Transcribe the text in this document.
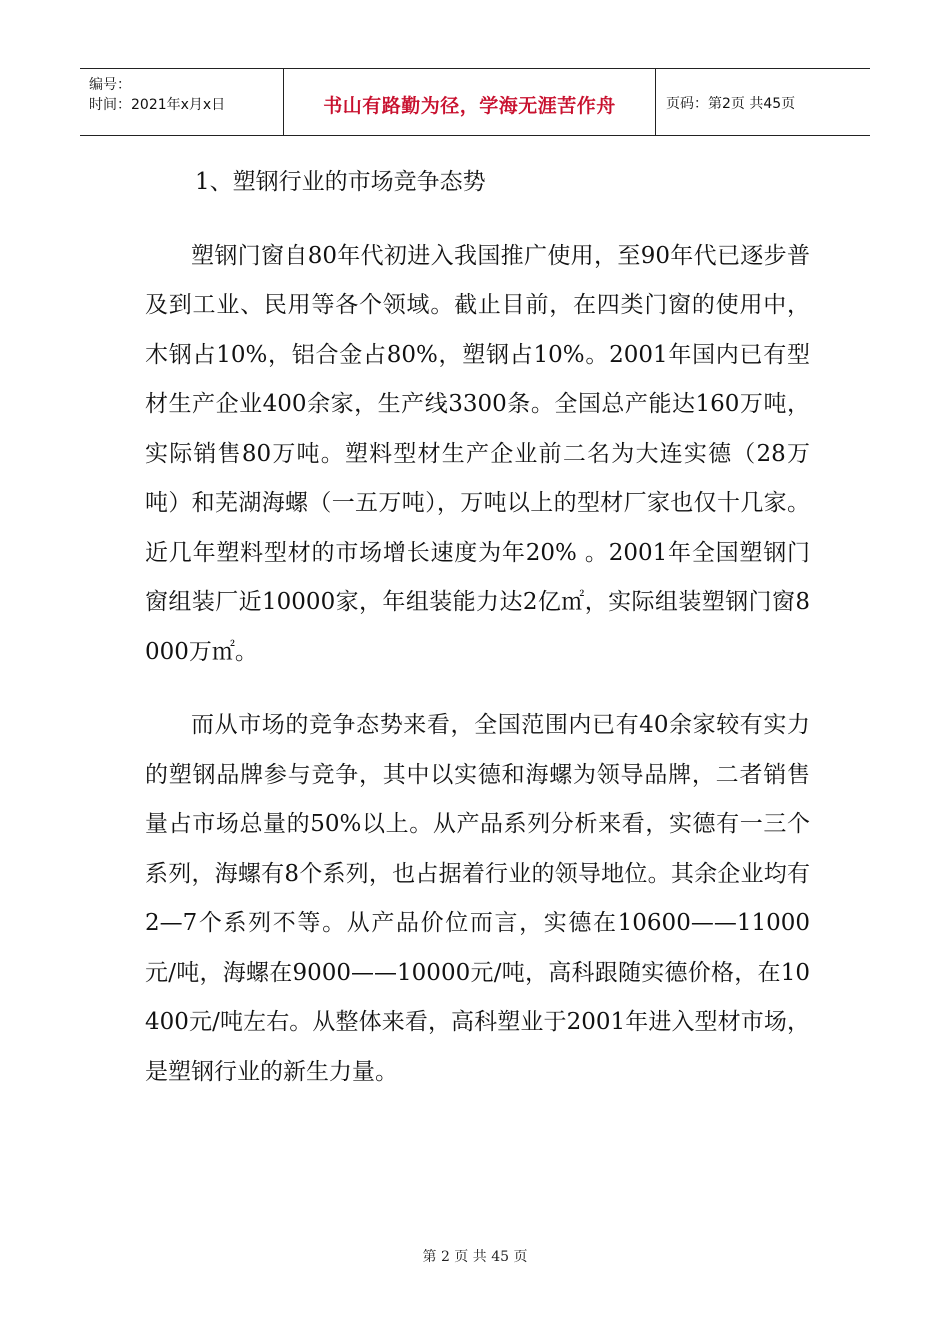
编号：
时间：2021年x月x日	书山有路勤为径，学海无涯苦作舟	页码：第2页 共45页

1、塑钢行业的市场竞争态势

塑钢门窗自80年代初进入我国推广使用，至90年代已逐步普及到工业、民用等各个领域。截止目前，在四类门窗的使用中，木钢占10%，铝合金占80%，塑钢占10%。2001年国内已有型材生产企业400余家，生产线3300条。全国总产能达160万吨，实际销售80万吨。塑料型材生产企业前二名为大连实德（28万吨）和芜湖海螺（一五万吨），万吨以上的型材厂家也仅十几家。近几年塑料型材的市场增长速度为年20% 。2001年全国塑钢门窗组装厂近10000家，年组装能力达2亿㎡，实际组装塑钢门窗8000万㎡。

而从市场的竞争态势来看，全国范围内已有40余家较有实力的塑钢品牌参与竞争，其中以实德和海螺为领导品牌，二者销售量占市场总量的50%以上。从产品系列分析来看，实德有一三个系列，海螺有8个系列，也占据着行业的领导地位。其余企业均有2—7个系列不等。从产品价位而言，实德在10600——11000元/吨，海螺在9000——10000元/吨，高科跟随实德价格，在10400元/吨左右。从整体来看，高科塑业于2001年进入型材市场，是塑钢行业的新生力量。

第 2 页 共 45 页
